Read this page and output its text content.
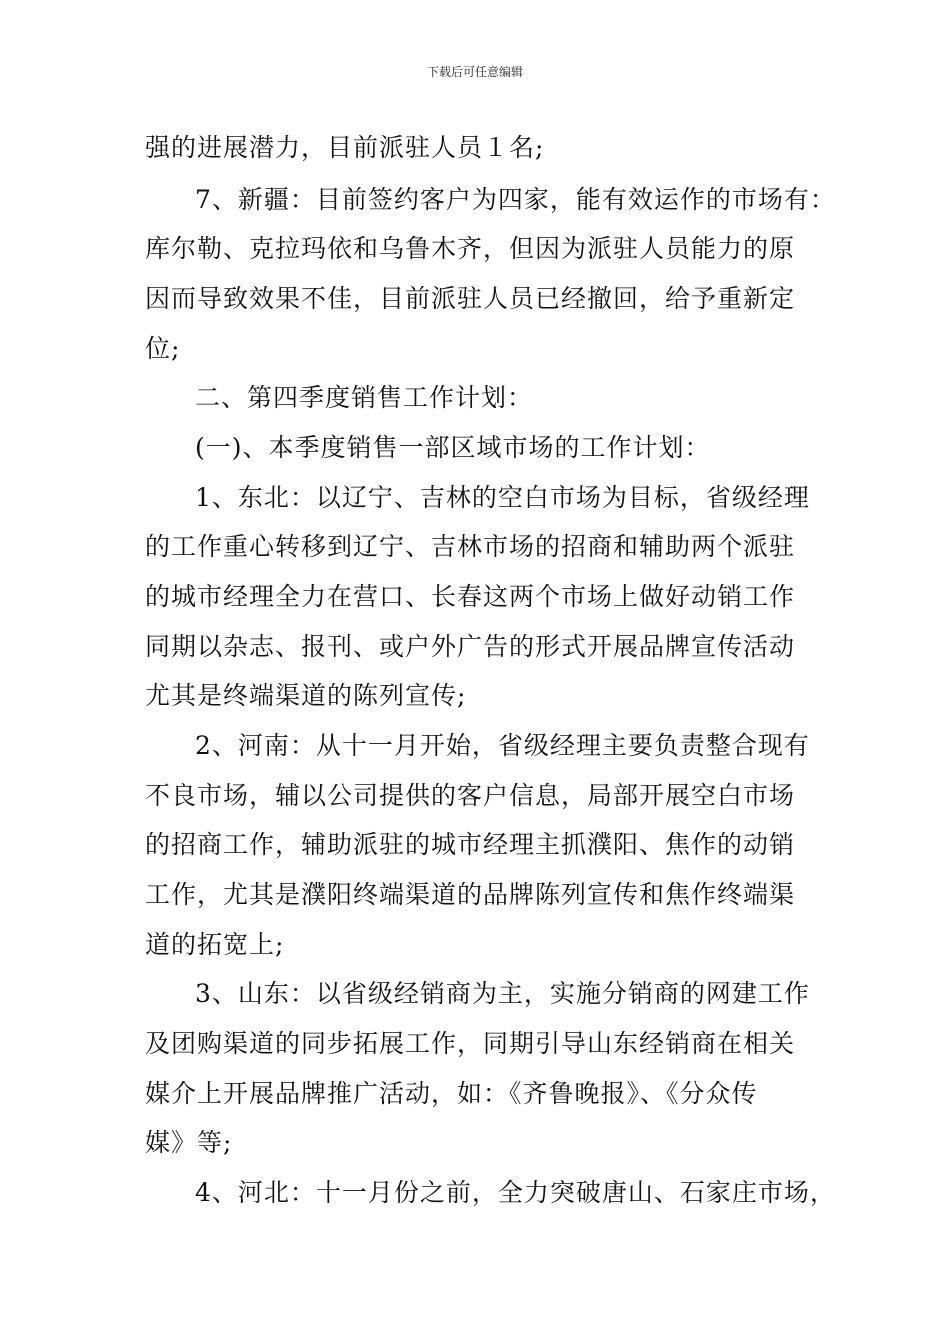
下载后可任意编辑
强的进展潜力，目前派驻人员１名;
7、新疆：目前签约客户为四家，能有效运作的市场有：
库尔勒、克拉玛依和乌鲁木齐，但因为派驻人员能力的原
因而导致效果不佳，目前派驻人员已经撤回，给予重新定
位;
二、第四季度销售工作计划：
(一)、本季度销售一部区域市场的工作计划：
1、东北：以辽宁、吉林的空白市场为目标，省级经理
的工作重心转移到辽宁、吉林市场的招商和辅助两个派驻
的城市经理全力在营口、长春这两个市场上做好动销工作
同期以杂志、报刊、或户外广告的形式开展品牌宣传活动
尤其是终端渠道的陈列宣传;
2、河南：从十一月开始，省级经理主要负责整合现有
不良市场，辅以公司提供的客户信息，局部开展空白市场
的招商工作，辅助派驻的城市经理主抓濮阳、焦作的动销
工作，尤其是濮阳终端渠道的品牌陈列宣传和焦作终端渠
道的拓宽上;
3、山东：以省级经销商为主，实施分销商的网建工作
及团购渠道的同步拓展工作，同期引导山东经销商在相关
媒介上开展品牌推广活动，如：《齐鲁晚报》、《分众传
媒》等;
4、河北：十一月份之前，全力突破唐山、石家庄市场，
